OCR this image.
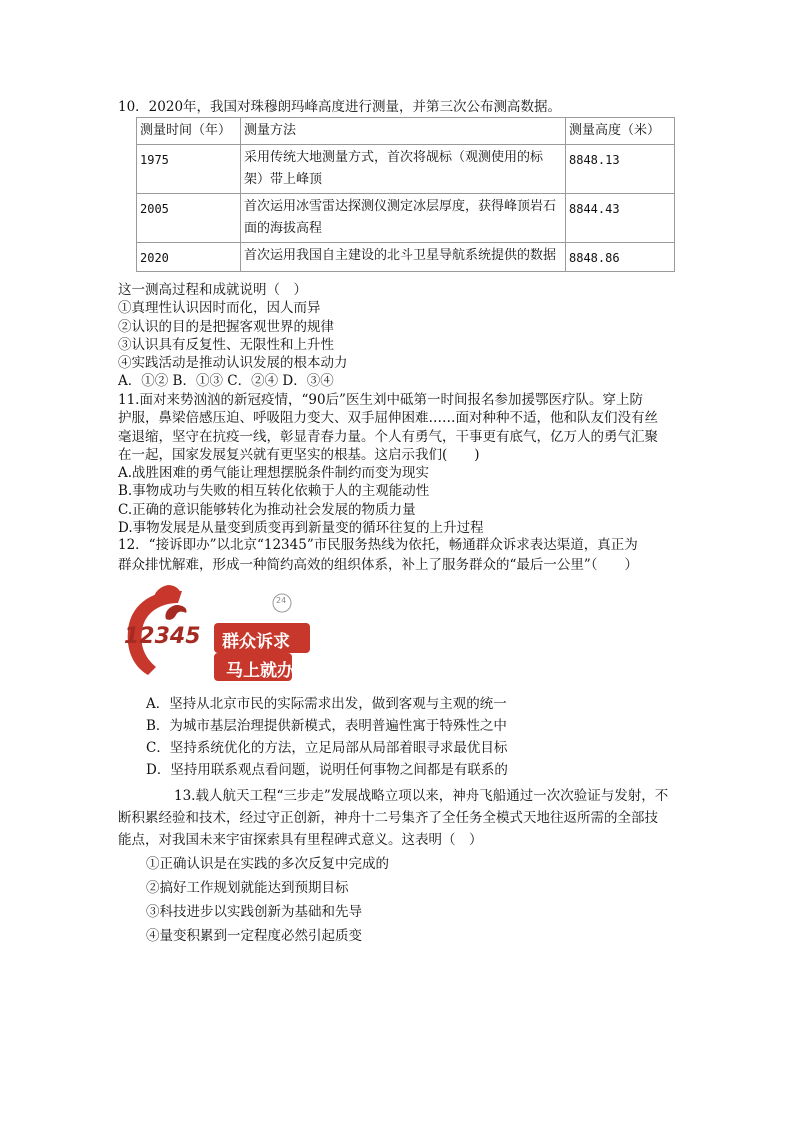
10．2020年，我国对珠穆朗玛峰高度进行测量，并第三次公布测高数据。
测量时间（年）	测量方法	测量高度（米）
1975	采用传统大地测量方式，首次将觇标（观测使用的标架）带上峰顶	8848.13
2005	首次运用冰雪雷达探测仪测定冰层厚度，获得峰顶岩石面的海拔高程	8844.43
2020	首次运用我国自主建设的北斗卫星导航系统提供的数据	8848.86
这一测高过程和成就说明（　）
①真理性认识因时而化，因人而异
②认识的目的是把握客观世界的规律
③认识具有反复性、无限性和上升性
④实践活动是推动认识发展的根本动力
A．①② B．①③ C．②④ D．③④
11.面对来势汹汹的新冠疫情，“90后”医生刘中砥第一时间报名参加援鄂医疗队。穿上防
护服，鼻梁倍感压迫、呼吸阻力变大、双手屈伸困难……面对种种不适，他和队友们没有丝
毫退缩，坚守在抗疫一线，彰显青春力量。个人有勇气，干事更有底气，亿万人的勇气汇聚
在一起，国家发展复兴就有更坚实的根基。这启示我们(　　)
A.战胜困难的勇气能让理想摆脱条件制约而变为现实
B.事物成功与失败的相互转化依赖于人的主观能动性
C.正确的意识能够转化为推动社会发展的物质力量
D.事物发展是从量变到质变再到新量变的循环往复的上升过程
12．“接诉即办”以北京“12345”市民服务热线为依托，畅通群众诉求表达渠道，真正为
群众排忧解难，形成一种简约高效的组织体系，补上了服务群众的“最后一公里”（　　）
12345 群众诉求
马上就办
24
A．坚持从北京市民的实际需求出发，做到客观与主观的统一
B．为城市基层治理提供新模式，表明普遍性寓于特殊性之中
C．坚持系统优化的方法，立足局部从局部着眼寻求最优目标
D．坚持用联系观点看问题，说明任何事物之间都是有联系的
13.载人航天工程“三步走”发展战略立项以来，神舟飞船通过一次次验证与发射，不
断积累经验和技术，经过守正创新，神舟十二号集齐了全任务全模式天地往返所需的全部技
能点，对我国未来宇宙探索具有里程碑式意义。这表明（　）
①正确认识是在实践的多次反复中完成的
②搞好工作规划就能达到预期目标
③科技进步以实践创新为基础和先导
④量变积累到一定程度必然引起质变
